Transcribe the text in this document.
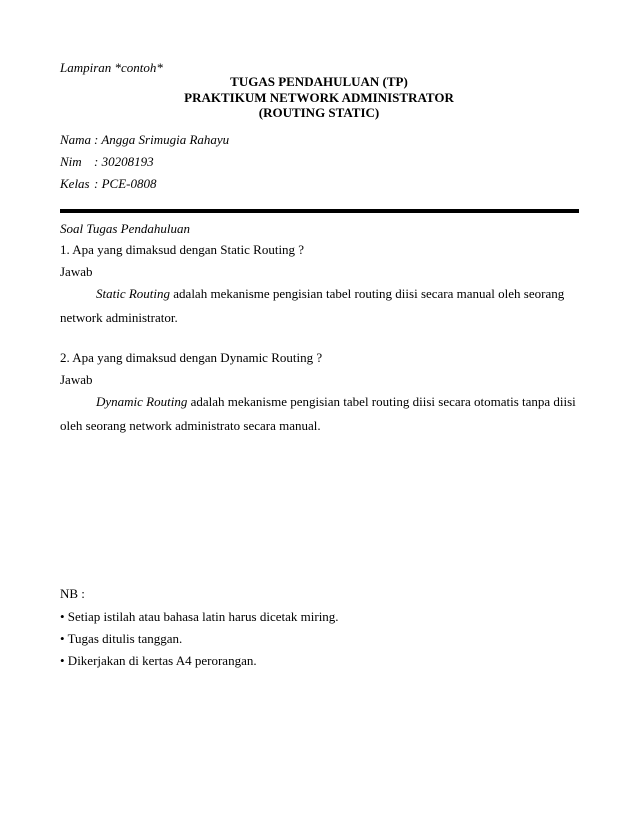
Lampiran *contoh*
TUGAS PENDAHULUAN (TP)
PRAKTIKUM NETWORK ADMINISTRATOR
(ROUTING STATIC)
Nama : Angga Srimugia Rahayu
Nim : 30208193
Kelas : PCE-0808
Soal Tugas Pendahuluan
1. Apa yang dimaksud dengan Static Routing ?
Jawab
Static Routing adalah mekanisme pengisian tabel routing diisi secara manual oleh seorang network administrator.
2. Apa yang dimaksud dengan Dynamic Routing ?
Jawab
Dynamic Routing adalah mekanisme pengisian tabel routing diisi secara otomatis tanpa diisi oleh seorang network administrato secara manual.
NB :
• Setiap istilah atau bahasa latin harus dicetak miring.
• Tugas ditulis tanggan.
• Dikerjakan di kertas A4 perorangan.
